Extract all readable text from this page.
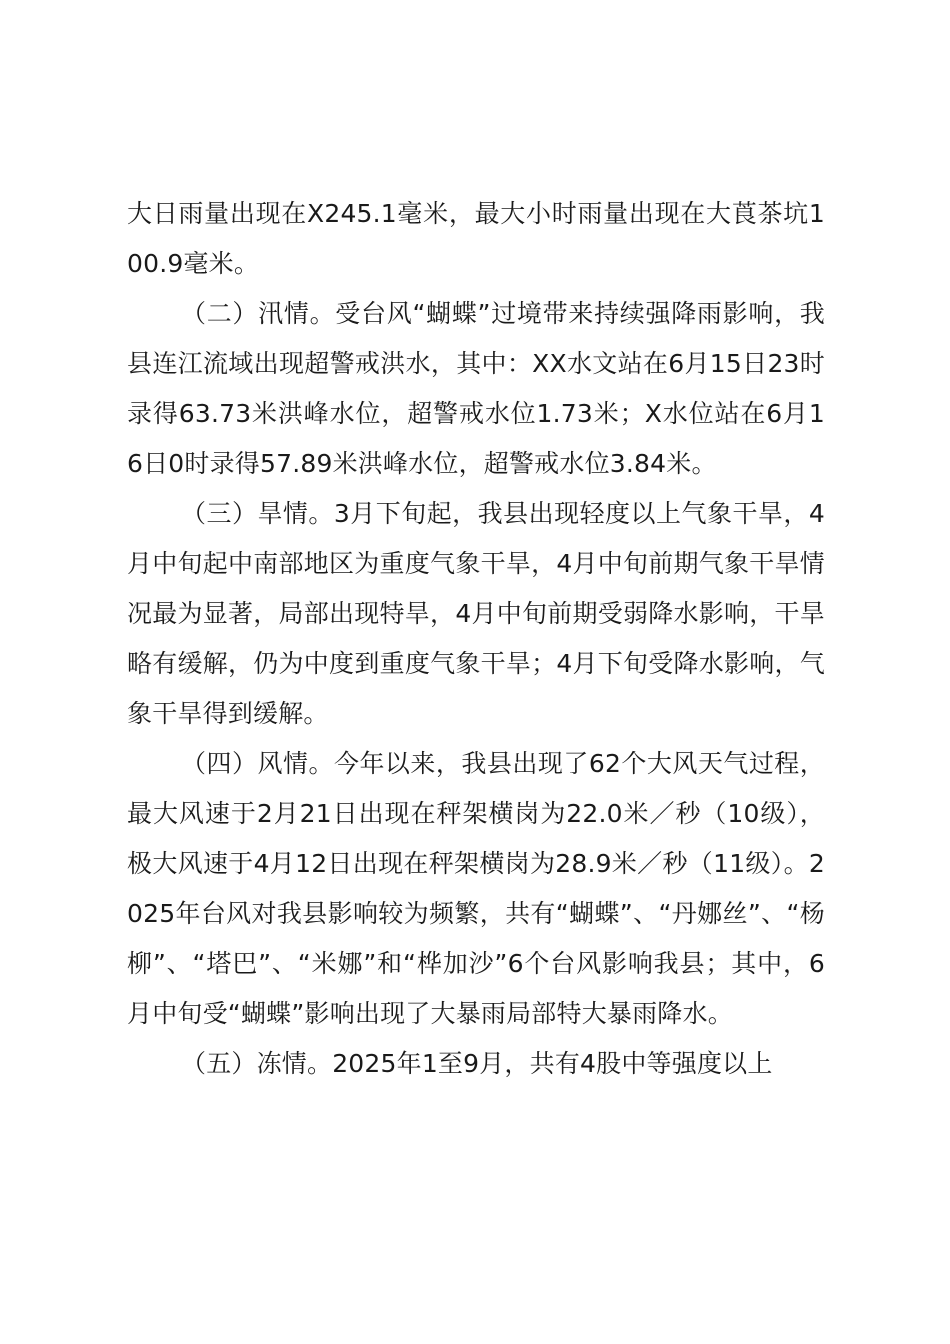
大日雨量出现在X245.1毫米，最大小时雨量出现在大莨茶坑100.9毫米。

（二）汛情。受台风“蝴蝶”过境带来持续强降雨影响，我县连江流域出现超警戒洪水，其中：XX水文站在6月15日23时录得63.73米洪峰水位，超警戒水位1.73米；X水位站在6月16日0时录得57.89米洪峰水位，超警戒水位3.84米。

（三）旱情。3月下旬起，我县出现轻度以上气象干旱，4月中旬起中南部地区为重度气象干旱，4月中旬前期气象干旱情况最为显著，局部出现特旱，4月中旬前期受弱降水影响，干旱略有缓解，仍为中度到重度气象干旱；4月下旬受降水影响，气象干旱得到缓解。

（四）风情。今年以来，我县出现了62个大风天气过程，最大风速于2月21日出现在秤架横岗为22.0米／秒（10级），极大风速于4月12日出现在秤架横岗为28.9米／秒（11级）。2025年台风对我县影响较为频繁，共有“蝴蝶”、“丹娜丝”、“杨柳”、“塔巴”、“米娜”和“桦加沙”6个台风影响我县；其中，6月中旬受“蝴蝶”影响出现了大暴雨局部特大暴雨降水。

（五）冻情。2025年1至9月，共有4股中等强度以上
